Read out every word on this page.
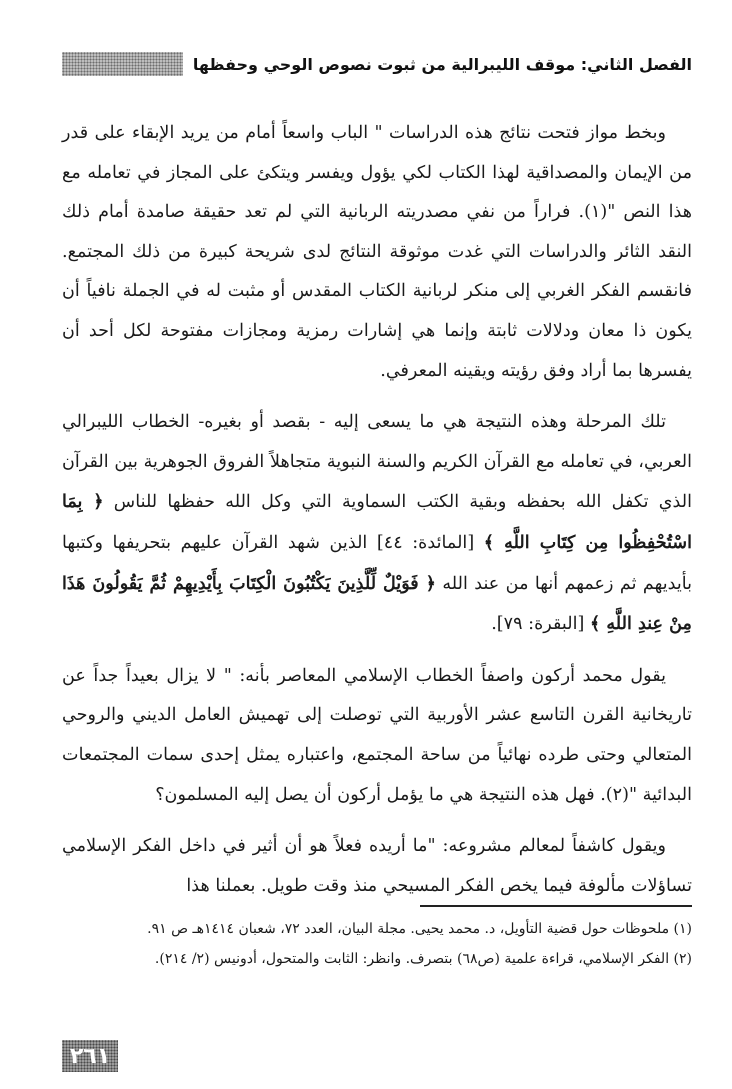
الفصل الثاني: موقف الليبرالية من ثبوت نصوص الوحي وحفظها

وبخط مواز فتحت نتائج هذه الدراسات " الباب واسعاً أمام من يريد الإبقاء على قدر من الإيمان والمصداقية لهذا الكتاب لكي يؤول ويفسر ويتكئ على المجاز في تعامله مع هذا النص "(١). فراراً من نفي مصدريته الربانية التي لم تعد حقيقة صامدة أمام ذلك النقد الثائر والدراسات التي غدت موثوقة النتائج لدى شريحة كبيرة من ذلك المجتمع. فانقسم الفكر الغربي إلى منكر لربانية الكتاب المقدس أو مثبت له في الجملة نافياً أن يكون ذا معان ودلالات ثابتة وإنما هي إشارات رمزية ومجازات مفتوحة لكل أحد أن يفسرها بما أراد وفق رؤيته ويقينه المعرفي.

تلك المرحلة وهذه النتيجة هي ما يسعى إليه - بقصد أو بغيره- الخطاب الليبرالي العربي، في تعامله مع القرآن الكريم والسنة النبوية متجاهلاً الفروق الجوهرية بين القرآن الذي تكفل الله بحفظه وبقية الكتب السماوية التي وكل الله حفظها للناس ﴿ بِمَا اسْتُحْفِظُوا مِن كِتَابِ اللَّهِ ﴾ [المائدة: ٤٤] الذين شهد القرآن عليهم بتحريفها وكتبها بأيديهم ثم زعمهم أنها من عند الله ﴿ فَوَيْلٌ لِّلَّذِينَ يَكْتُبُونَ الْكِتَابَ بِأَيْدِيهِمْ ثُمَّ يَقُولُونَ هَذَا مِنْ عِندِ اللَّهِ ﴾ [البقرة: ٧٩].

يقول محمد أركون واصفاً الخطاب الإسلامي المعاصر بأنه: " لا يزال بعيداً جداً عن تاريخانية القرن التاسع عشر الأوربية التي توصلت إلى تهميش العامل الديني والروحي المتعالي وحتى طرده نهائياً من ساحة المجتمع، واعتباره يمثل إحدى سمات المجتمعات البدائية "(٢). فهل هذه النتيجة هي ما يؤمل أركون أن يصل إليه المسلمون؟

ويقول كاشفاً لمعالم مشروعه: "ما أريده فعلاً هو أن أثير في داخل الفكر الإسلامي تساؤلات مألوفة فيما يخص الفكر المسيحي منذ وقت طويل. بعملنا هذا

(١) ملحوظات حول قضية التأويل، د. محمد يحيى. مجلة البيان، العدد ٧٢، شعبان ١٤١٤هـ ص ٩١.

(٢) الفكر الإسلامي، قراءة علمية (ص٦٨) بتصرف. وانظر: الثابت والمتحول، أدونيس (٢/ ٢١٤).

٢٦١
